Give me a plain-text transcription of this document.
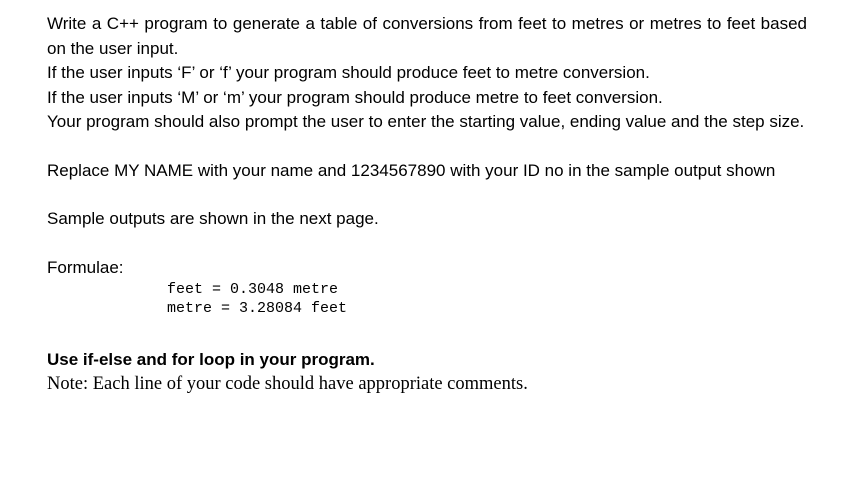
Write a C++ program to generate a table of conversions from feet to metres or metres to feet based on the user input.

If the user inputs ‘F’ or ‘f’ your program should produce feet to metre conversion.

If the user inputs ‘M’ or ‘m’ your program should produce metre to feet conversion.

Your program should also prompt the user to enter the starting value, ending value and the step size.

Replace MY NAME with your name and 1234567890 with your ID no in the sample output shown

Sample outputs are shown in the next page.

Formulae:

feet = 0.3048 metre

metre = 3.28084 feet

Use if-else and for loop in your program.

Note: Each line of your code should have appropriate comments.
